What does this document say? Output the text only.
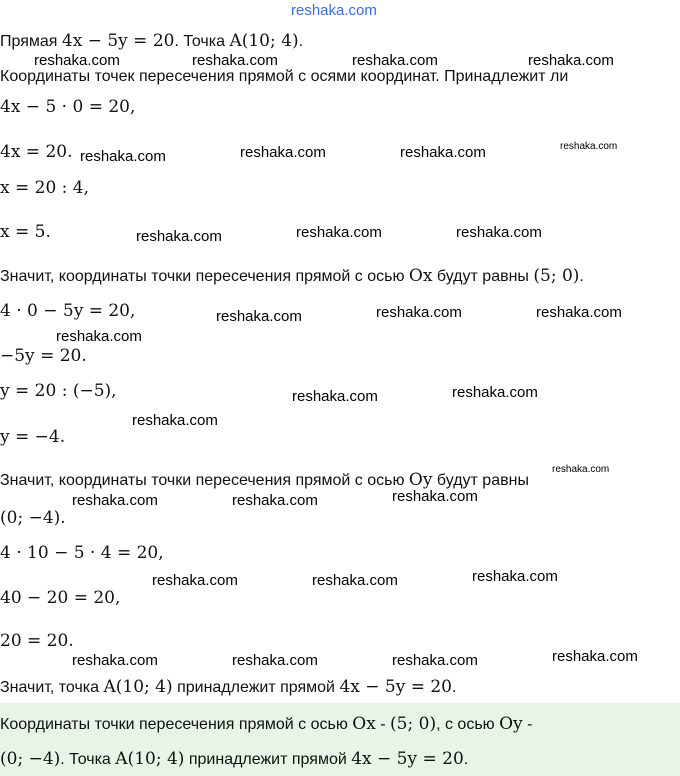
reshaka.com
Прямая 4x − 5y = 20. Точка A(10; 4).
reshaka.com	reshaka.com	reshaka.com	reshaka.com
Координаты точек пересечения прямой с осями координат. Принадлежит ли
4x − 5 · 0 = 20,
4x = 20. reshaka.com	reshaka.com	reshaka.com	reshaka.com
x = 20 : 4,
x = 5.	reshaka.com	reshaka.com	reshaka.com
Значит, координаты точки пересечения прямой с осью Ox будут равны (5; 0).
4 · 0 − 5y = 20,	reshaka.com	reshaka.com	reshaka.com
reshaka.com
−5y = 20.
y = 20 : (−5),	reshaka.com	reshaka.com
reshaka.com
y = −4.
Значит, координаты точки пересечения прямой с осью Oy будут равны
reshaka.com
reshaka.com	reshaka.com	reshaka.com
(0; −4).
4 · 10 − 5 · 4 = 20,
reshaka.com	reshaka.com	reshaka.com
40 − 20 = 20,
20 = 20.
reshaka.com	reshaka.com	reshaka.com	reshaka.com
Значит, точка A(10; 4) принадлежит прямой 4x − 5y = 20.
Координаты точки пересечения прямой с осью Ox - (5; 0), с осью Oy -
(0; −4). Точка A(10; 4) принадлежит прямой 4x − 5y = 20.
